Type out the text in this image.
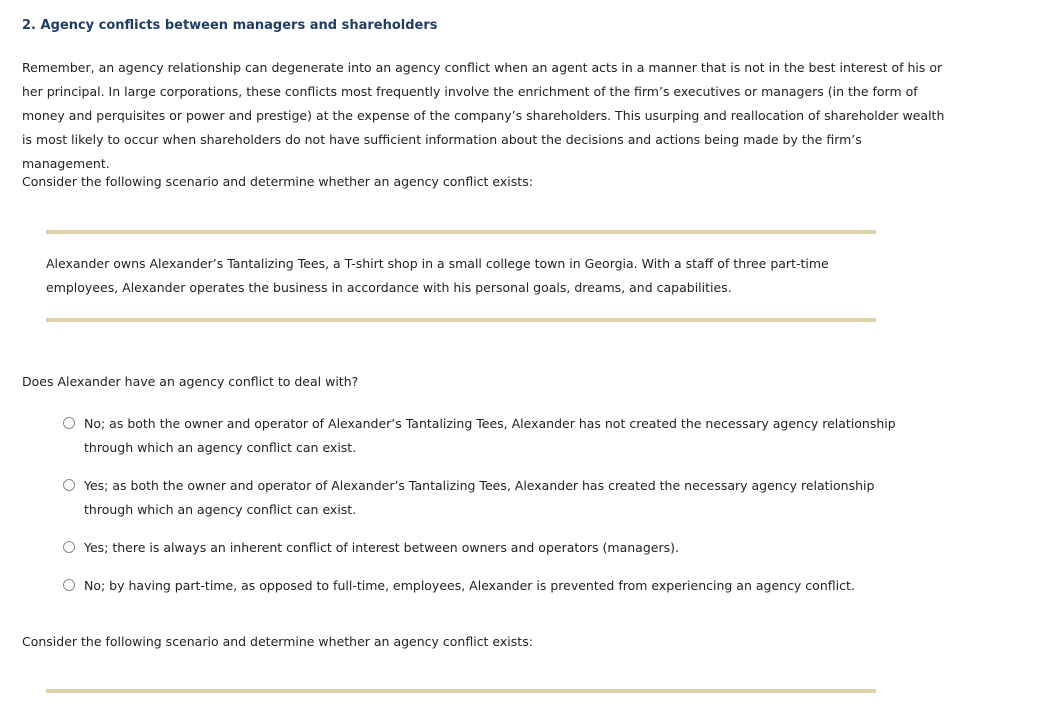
2. Agency conflicts between managers and shareholders

Remember, an agency relationship can degenerate into an agency conflict when an agent acts in a manner that is not in the best interest of his or her principal. In large corporations, these conflicts most frequently involve the enrichment of the firm’s executives or managers (in the form of money and perquisites or power and prestige) at the expense of the company’s shareholders. This usurping and reallocation of shareholder wealth is most likely to occur when shareholders do not have sufficient information about the decisions and actions being made by the firm’s management.

Consider the following scenario and determine whether an agency conflict exists:

Alexander owns Alexander’s Tantalizing Tees, a T-shirt shop in a small college town in Georgia. With a staff of three part-time employees, Alexander operates the business in accordance with his personal goals, dreams, and capabilities.

Does Alexander have an agency conflict to deal with?

No; as both the owner and operator of Alexander’s Tantalizing Tees, Alexander has not created the necessary agency relationship through which an agency conflict can exist.
Yes; as both the owner and operator of Alexander’s Tantalizing Tees, Alexander has created the necessary agency relationship through which an agency conflict can exist.
Yes; there is always an inherent conflict of interest between owners and operators (managers).
No; by having part-time, as opposed to full-time, employees, Alexander is prevented from experiencing an agency conflict.

Consider the following scenario and determine whether an agency conflict exists:
